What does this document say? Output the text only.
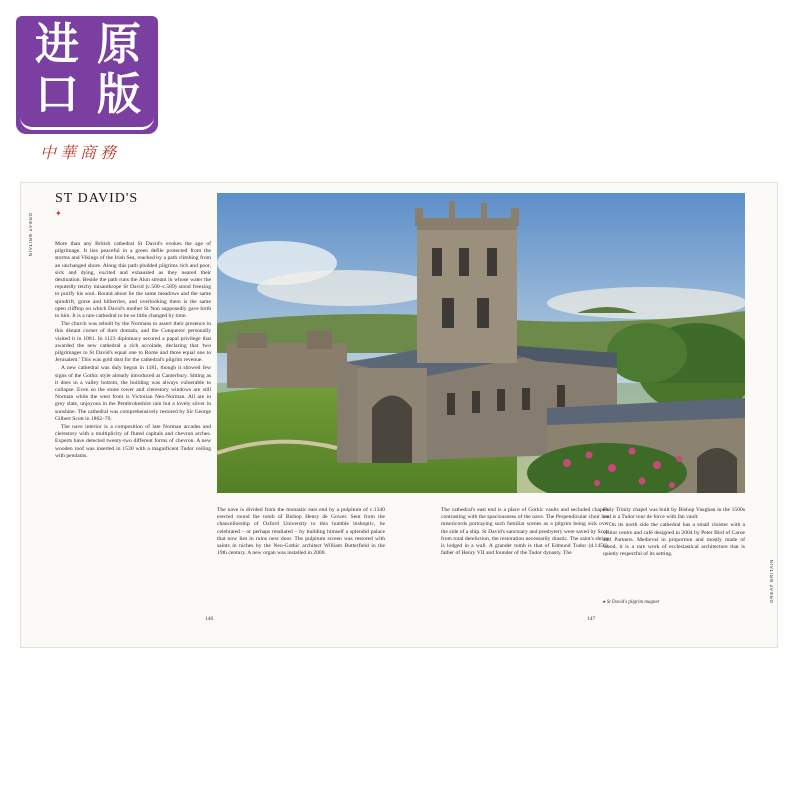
进 原
口 版
中華商務
GREAT BRITAIN
GREAT BRITAIN
ST DAVID'S
✦

More than any British cathedral St David's evokes the age of pilgrimage. It lies peaceful in a green defile protected from the storms and Vikings of the Irish Sea, reached by a path climbing from an unchanged shore. Along this path plodded pilgrims rich and poor, sick and dying, excited and exhausted as they neared their destination. Beside the path runs the Alun stream in whose water the reputedly tetchy misanthrope St David (c.500–c.589) stood freezing to purify his soul. Round about lie the same meadows and the same spindrift, gorse and bilberries, and overlooking them is the same open clifftop on which David's mother St Non supposedly gave birth to him. It is a rare cathedral to be so little changed by time.

The church was rebuilt by the Normans to assert their presence in this distant corner of their domain, and the Conqueror personally visited it in 1081. In 1123 diplomacy secured a papal privilege that awarded the new cathedral a rich accolade, declaring that 'two pilgrimages to St David's equal one to Rome and three equal one to Jerusalem.' This was gold dust for the cathedral's pilgrim revenue.

A new cathedral was duly begun in 1181, though it showed few signs of the Gothic style already introduced at Canterbury. Sitting as it does in a valley bottom, the building was always vulnerable to collapse. Even so the stone tower and clerestory windows are still Norman while the west front is Victorian Neo-Norman. All are in grey slate, unjoyous in the Pembrokeshire rain but a lovely silver in sunshine. The cathedral was comprehensively restored by Sir George Gilbert Scott in 1862–70.

The nave interior is a composition of late Norman arcades and clerestory with a multiplicity of fluted capitals and chevron arches. Experts have detected twenty-two different forms of chevron. A new wooden roof was inserted in 1530 with a magnificent Tudor ceiling with pendants.

The nave is divided from the monastic east end by a pulpitum of c.1340 erected round the tomb of Bishop Henry de Gower. Sent from the chancellorship of Oxford University to this humble bishopric, he celebrated – or perhaps retaliated – by building himself a splendid palace that now lies in ruins next door. The pulpitum screen was restored with saints in niches by the Neo-Gothic architect William Butterfield in the 19th century. A new organ was installed in 2000.

The cathedral's east end is a place of Gothic vaults and secluded chapels contrasting with the spaciousness of the nave. The Perpendicular choir has misericords portraying such familiar scenes as a pilgrim being sick over the side of a ship. St David's sanctuary and presbytery were saved by Scott from total dereliction, the restoration necessarily drastic. The saint's shrine is lodged in a wall. A grander tomb is that of Edmund Tudor (d.1456), father of Henry VII and founder of the Tudor dynasty. The

Holy Trinity chapel was built by Bishop Vaughan in the 1500s and is a Tudor tour de force with fan vault.

On its north side the cathedral has a small cloister with a visitor centre and café designed in 2004 by Peter Bird of Caroe and Partners. Medieval in proportion and mostly made of wood, it is a rare work of ecclesiastical architecture that is quietly respectful of its setting.

▸ St David's pilgrim magnet
146	147
